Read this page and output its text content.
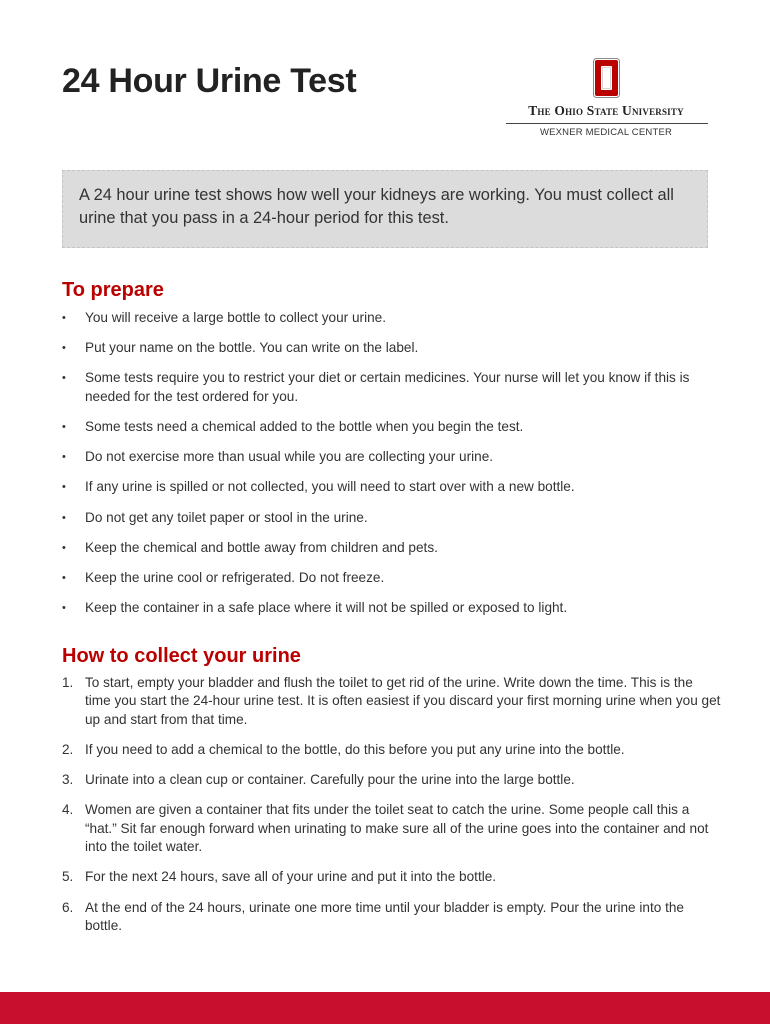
24 Hour Urine Test
The Ohio State University
WEXNER MEDICAL CENTER
A 24 hour urine test shows how well your kidneys are working. You must collect all urine that you pass in a 24-hour period for this test.
To prepare
• You will receive a large bottle to collect your urine.
• Put your name on the bottle. You can write on the label.
• Some tests require you to restrict your diet or certain medicines. Your nurse will let you know if this is needed for the test ordered for you.
• Some tests need a chemical added to the bottle when you begin the test.
• Do not exercise more than usual while you are collecting your urine.
• If any urine is spilled or not collected, you will need to start over with a new bottle.
• Do not get any toilet paper or stool in the urine.
• Keep the chemical and bottle away from children and pets.
• Keep the urine cool or refrigerated. Do not freeze.
• Keep the container in a safe place where it will not be spilled or exposed to light.
How to collect your urine
1. To start, empty your bladder and flush the toilet to get rid of the urine. Write down the time. This is the time you start the 24-hour urine test. It is often easiest if you discard your first morning urine when you get up and start from that time.
2. If you need to add a chemical to the bottle, do this before you put any urine into the bottle.
3. Urinate into a clean cup or container. Carefully pour the urine into the large bottle.
4. Women are given a container that fits under the toilet seat to catch the urine. Some people call this a “hat.” Sit far enough forward when urinating to make sure all of the urine goes into the container and not into the toilet water.
5. For the next 24 hours, save all of your urine and put it into the bottle.
6. At the end of the 24 hours, urinate one more time until your bladder is empty. Pour the urine into the bottle.
